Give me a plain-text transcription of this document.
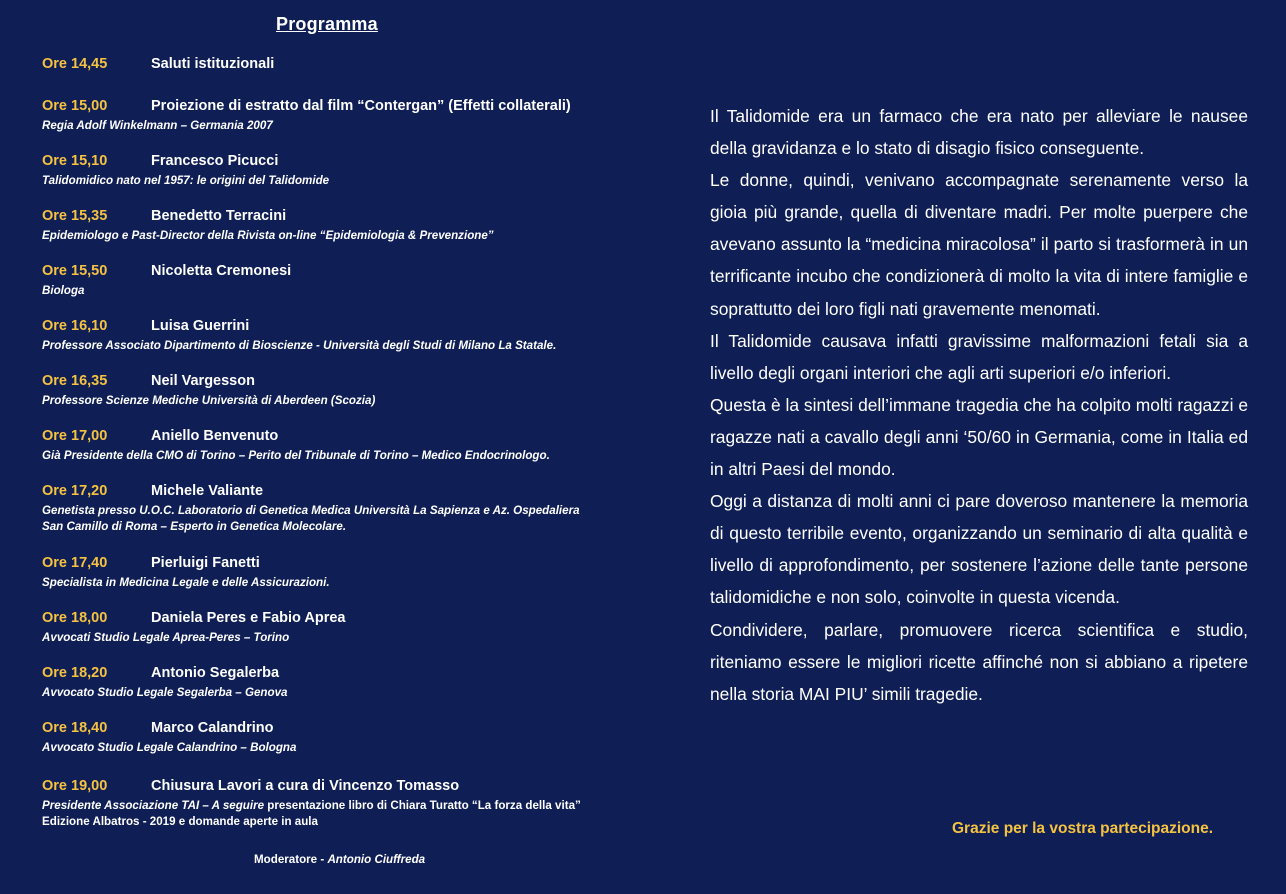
Programma
Ore 14,45	Saluti istituzionali
Ore 15,00	Proiezione di estratto dal film “Contergan” (Effetti collaterali)
Regia Adolf Winkelmann – Germania 2007
Ore 15,10	Francesco Picucci
Talidomidico nato nel 1957: le origini del Talidomide
Ore 15,35	Benedetto Terracini
Epidemiologo e Past-Director della Rivista on-line “Epidemiologia & Prevenzione”
Ore 15,50	Nicoletta Cremonesi
Biologa
Ore 16,10	Luisa Guerrini
Professore Associato Dipartimento di Bioscienze - Università degli Studi di Milano La Statale.
Ore 16,35	Neil Vargesson
Professore Scienze Mediche Università di Aberdeen (Scozia)
Ore 17,00	Aniello Benvenuto
Già Presidente della CMO di Torino – Perito del Tribunale di Torino – Medico Endocrinologo.
Ore 17,20	Michele Valiante
Genetista presso U.O.C. Laboratorio di Genetica Medica Università La Sapienza e Az. Ospedaliera
San Camillo di Roma – Esperto in Genetica Molecolare.
Ore 17,40	Pierluigi Fanetti
Specialista in Medicina Legale e delle Assicurazioni.
Ore 18,00	Daniela Peres e Fabio Aprea
Avvocati Studio Legale Aprea-Peres – Torino
Ore 18,20	Antonio Segalerba
Avvocato Studio Legale Segalerba – Genova
Ore 18,40	Marco Calandrino
Avvocato Studio Legale Calandrino – Bologna
Ore 19,00	Chiusura Lavori a cura di Vincenzo Tomasso
Presidente Associazione TAI – A seguire presentazione libro di Chiara Turatto “La forza della vita”
Edizione Albatros - 2019 e domande aperte in aula
Moderatore - Antonio Ciuffreda

Il Talidomide era un farmaco che era nato per alleviare le nausee della gravidanza e lo stato di disagio fisico conseguente.

Le donne, quindi, venivano accompagnate serenamente verso la gioia più grande, quella di diventare madri. Per molte puerpere che avevano assunto la “medicina miracolosa” il parto si trasformerà in un terrificante incubo che condizionerà di molto la vita di intere famiglie e soprattutto dei loro figli nati gravemente menomati.

Il Talidomide causava infatti gravissime malformazioni fetali sia a livello degli organi interiori che agli arti superiori e/o inferiori.

Questa è la sintesi dell’immane tragedia che ha colpito molti ragazzi e ragazze nati a cavallo degli anni ‘50/60 in Germania, come in Italia ed in altri Paesi del mondo.

Oggi a distanza di molti anni ci pare doveroso mantenere la memoria di questo terribile evento, organizzando un seminario di alta qualità e livello di approfondimento, per sostenere l’azione delle tante persone talidomidiche e non solo, coinvolte in questa vicenda.

Condividere, parlare, promuovere ricerca scientifica e studio, riteniamo essere le migliori ricette affinché non si abbiano a ripetere nella storia MAI PIU’ simili tragedie.

Grazie per la vostra partecipazione.
